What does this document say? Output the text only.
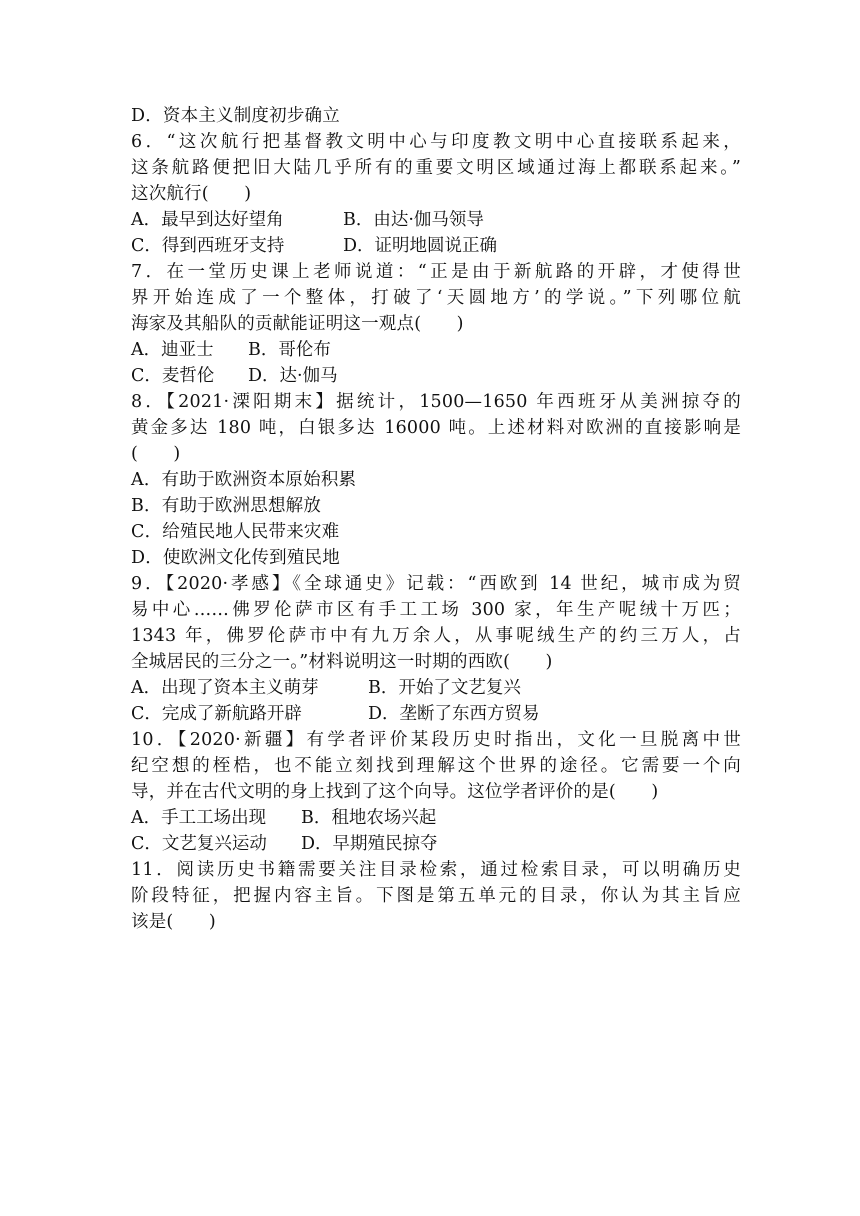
D．资本主义制度初步确立
6．“这次航行把基督教文明中心与印度教文明中心直接联系起来，
这条航路便把旧大陆几乎所有的重要文明区域通过海上都联系起来。”
这次航行(　　)
A．最早到达好望角	B．由达·伽马领导
C．得到西班牙支持	D．证明地圆说正确
7．在一堂历史课上老师说道：“正是由于新航路的开辟，才使得世
界开始连成了一个整体，打破了‘天圆地方’的学说。”下列哪位航
海家及其船队的贡献能证明这一观点(　　)
A．迪亚士	B．哥伦布
C．麦哲伦	D．达·伽马
8．【2021·溧阳期末】据统计，1500—1650 年西班牙从美洲掠夺的
黄金多达 180 吨，白银多达 16000 吨。上述材料对欧洲的直接影响是
(　　)
A．有助于欧洲资本原始积累
B．有助于欧洲思想解放
C．给殖民地人民带来灾难
D．使欧洲文化传到殖民地
9．【2020·孝感】《全球通史》记载：“西欧到 14 世纪，城市成为贸
易中心……佛罗伦萨市区有手工工场 300 家，年生产呢绒十万匹；
1343 年，佛罗伦萨市中有九万余人，从事呢绒生产的约三万人，占
全城居民的三分之一。”材料说明这一时期的西欧(　　)
A．出现了资本主义萌芽	B．开始了文艺复兴
C．完成了新航路开辟	D．垄断了东西方贸易
10．【2020·新疆】有学者评价某段历史时指出，文化一旦脱离中世
纪空想的桎梏，也不能立刻找到理解这个世界的途径。它需要一个向
导，并在古代文明的身上找到了这个向导。这位学者评价的是(　　)
A．手工工场出现	B．租地农场兴起
C．文艺复兴运动	D．早期殖民掠夺
11．阅读历史书籍需要关注目录检索，通过检索目录，可以明确历史
阶段特征，把握内容主旨。下图是第五单元的目录，你认为其主旨应
该是(　　)
